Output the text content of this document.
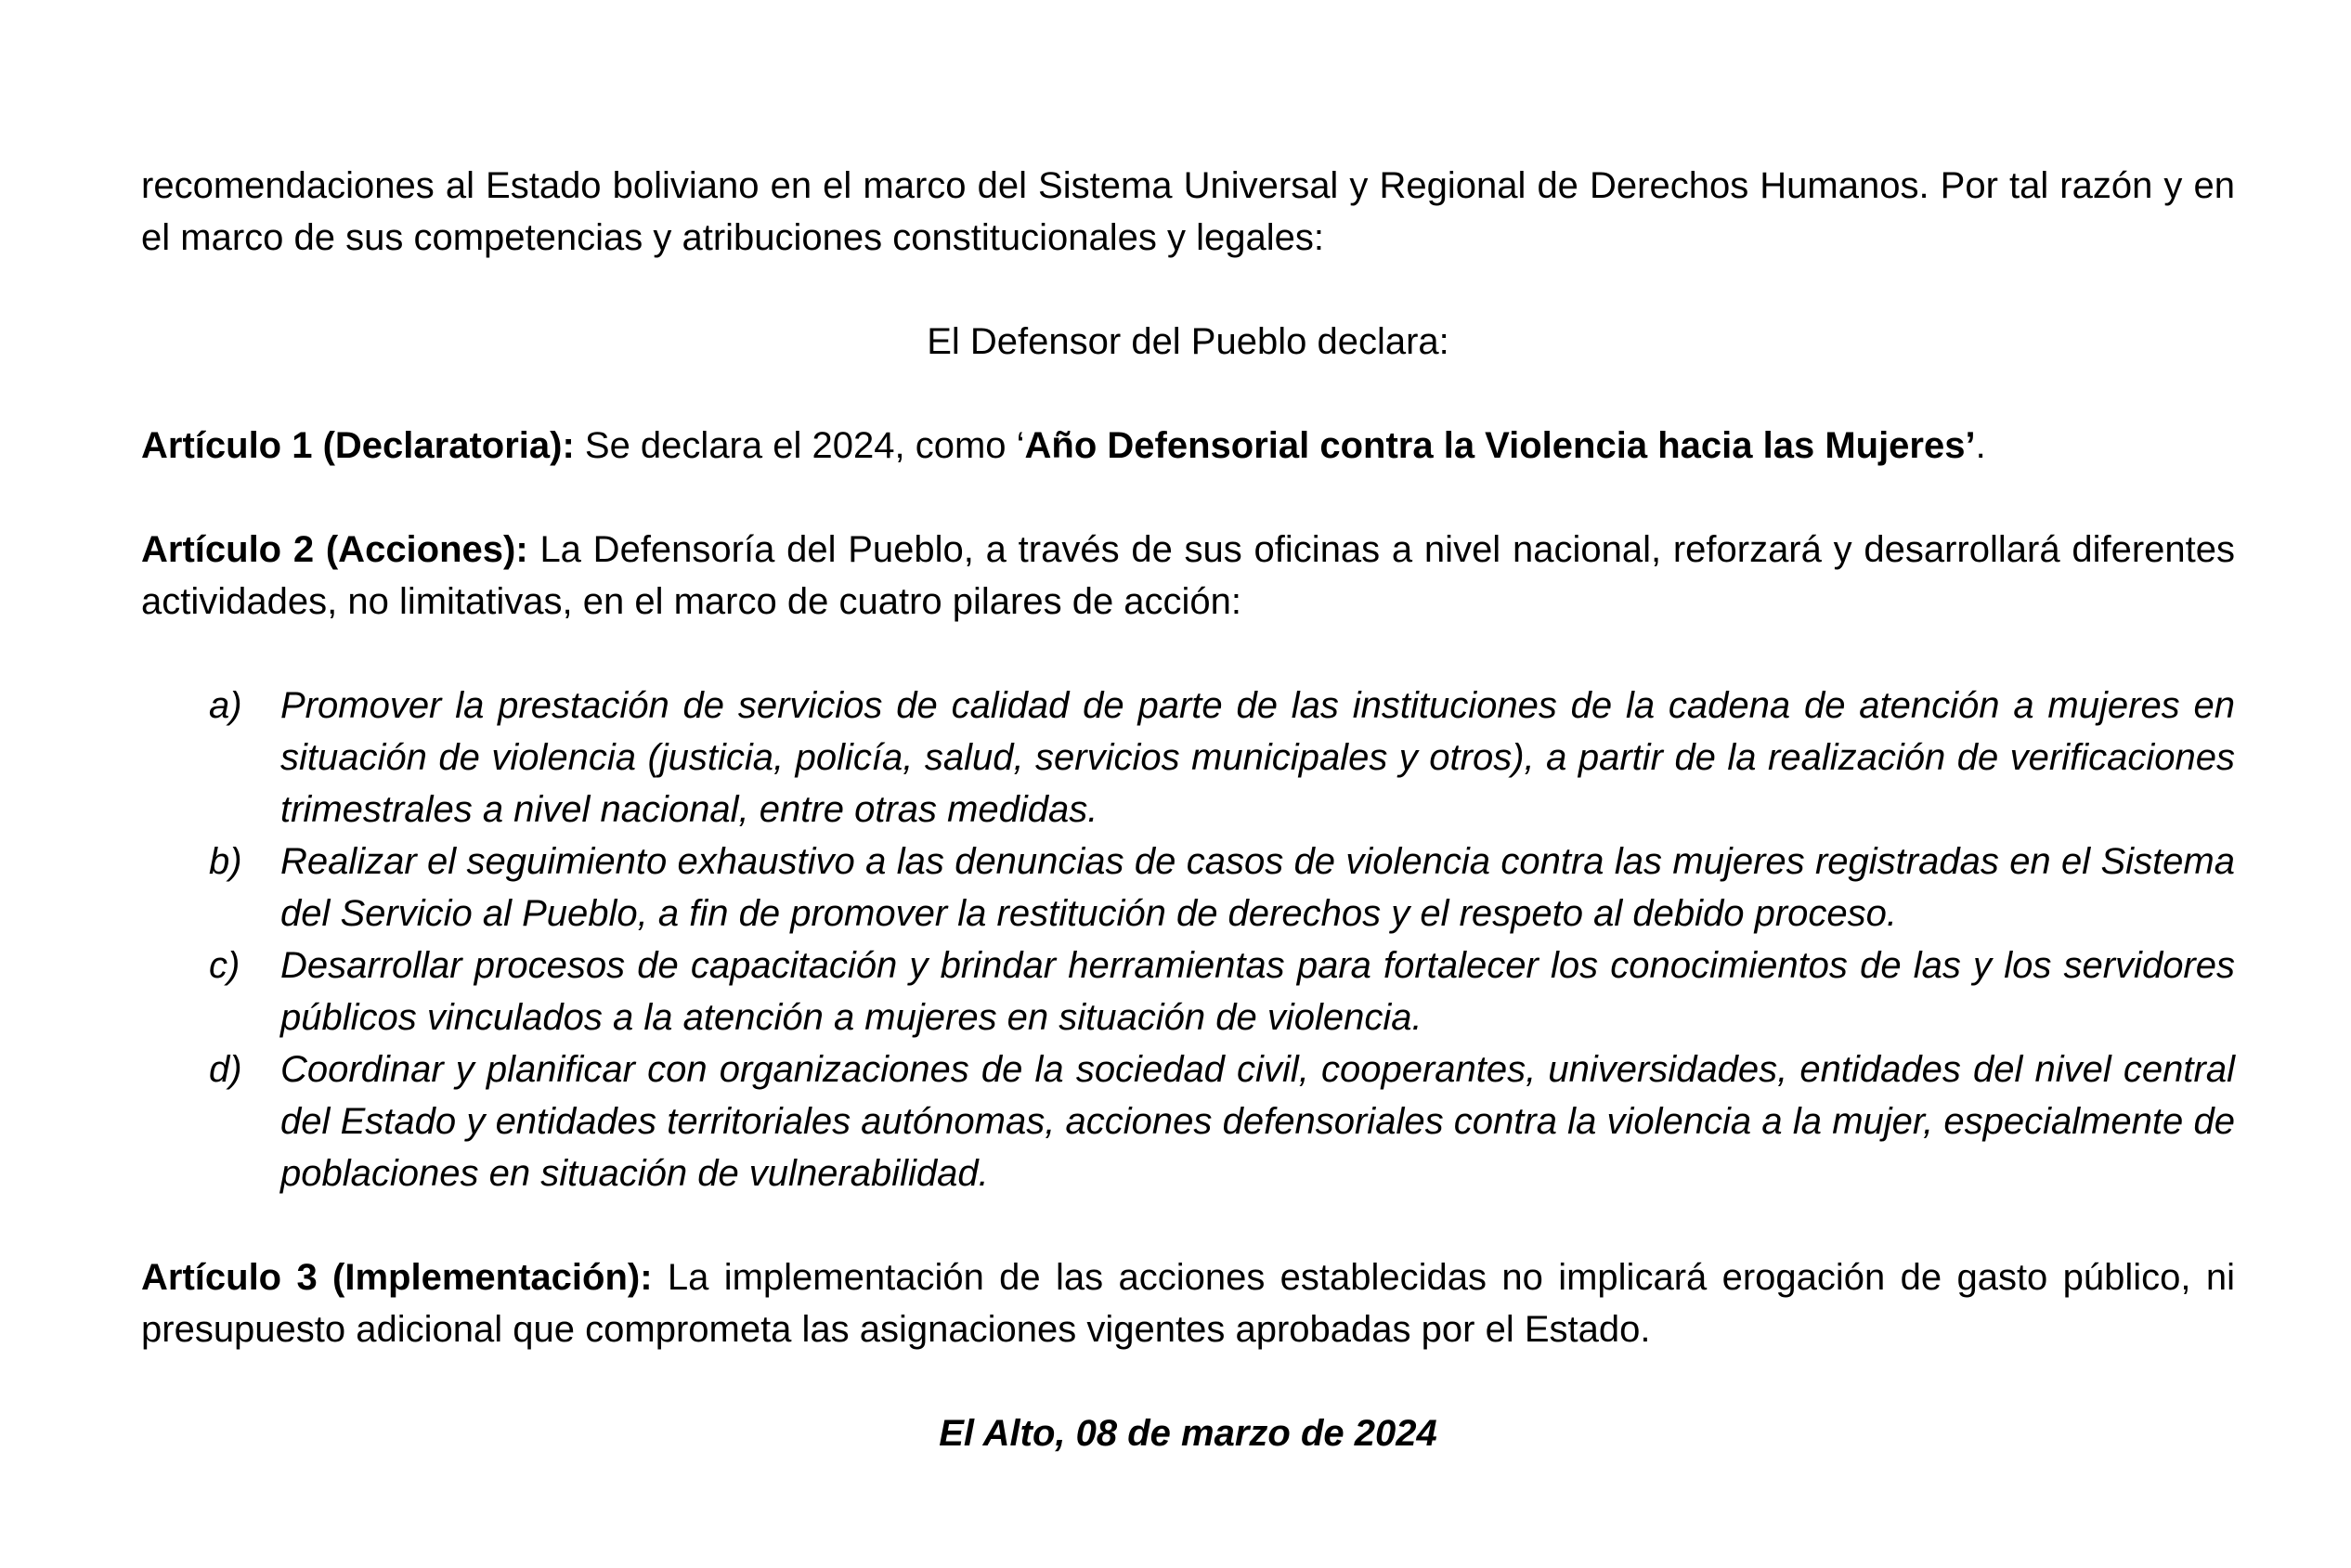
recomendaciones al Estado boliviano en el marco del Sistema Universal y Regional de Derechos Humanos. Por tal razón y en el marco de sus competencias y atribuciones constitucionales y legales:

El Defensor del Pueblo declara:

Artículo 1 (Declaratoria): Se declara el 2024, como ‘Año Defensorial contra la Violencia hacia las Mujeres’.

Artículo 2 (Acciones): La Defensoría del Pueblo, a través de sus oficinas a nivel nacional, reforzará y desarrollará diferentes actividades, no limitativas, en el marco de cuatro pilares de acción:

a) Promover la prestación de servicios de calidad de parte de las instituciones de la cadena de atención a mujeres en situación de violencia (justicia, policía, salud, servicios municipales y otros), a partir de la realización de verificaciones trimestrales a nivel nacional, entre otras medidas.
b) Realizar el seguimiento exhaustivo a las denuncias de casos de violencia contra las mujeres registradas en el Sistema del Servicio al Pueblo, a fin de promover la restitución de derechos y el respeto al debido proceso.
c) Desarrollar procesos de capacitación y brindar herramientas para fortalecer los conocimientos de las y los servidores públicos vinculados a la atención a mujeres en situación de violencia.
d) Coordinar y planificar con organizaciones de la sociedad civil, cooperantes, universidades, entidades del nivel central del Estado y entidades territoriales autónomas, acciones defensoriales contra la violencia a la mujer, especialmente de poblaciones en situación de vulnerabilidad.

Artículo 3 (Implementación): La implementación de las acciones establecidas no implicará erogación de gasto público, ni presupuesto adicional que comprometa las asignaciones vigentes aprobadas por el Estado.

El Alto, 08 de marzo de 2024
